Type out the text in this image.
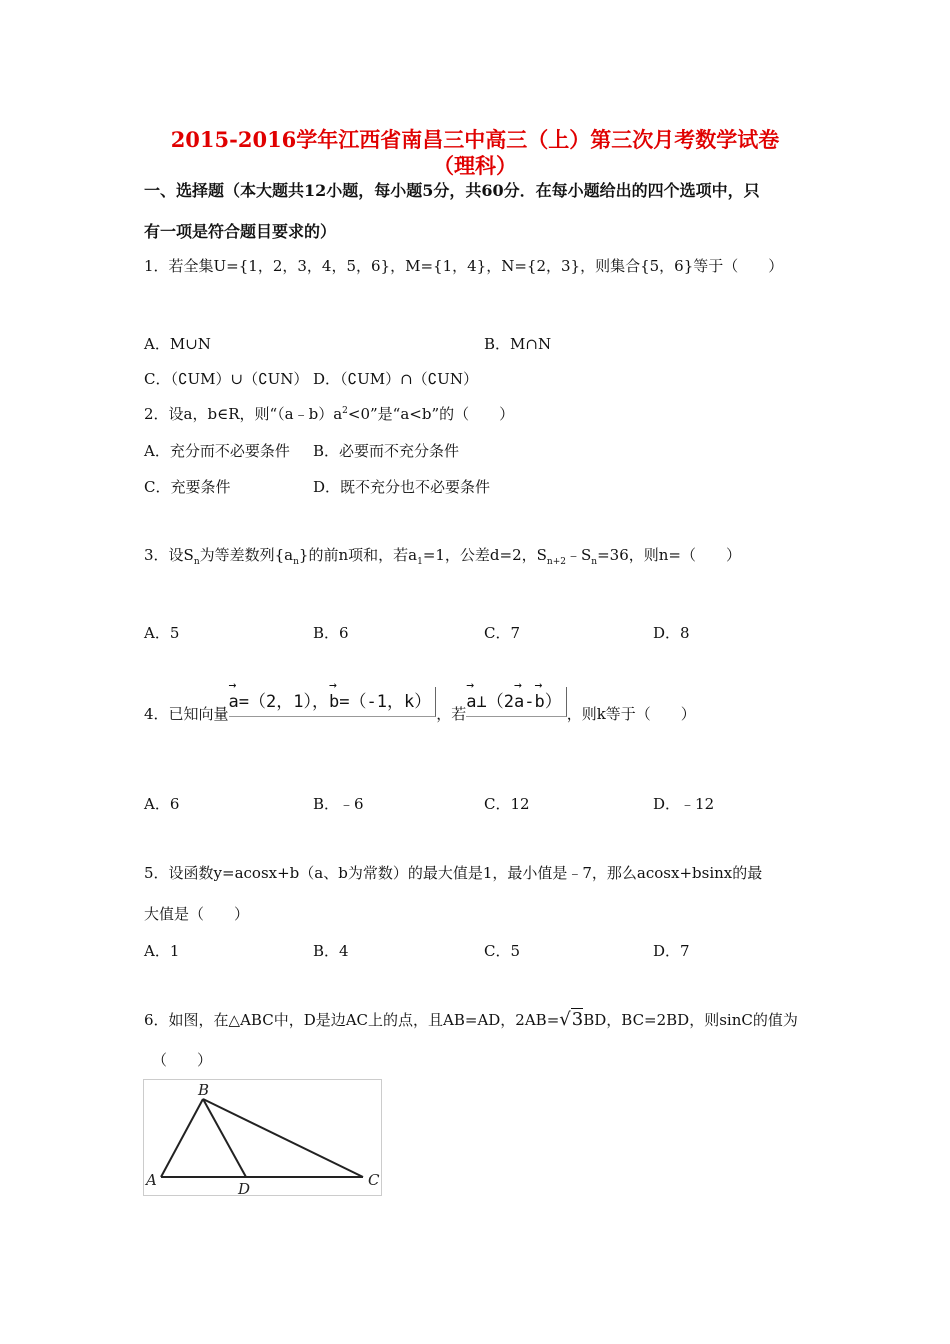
2015-2016学年江西省南昌三中高三（上）第三次月考数学试卷
（理科）
一、选择题（本大题共12小题，每小题5分，共60分．在每小题给出的四个选项中，只
有一项是符合题目要求的）
1．若全集U={1，2，3，4，5，6}，M={1，4}，N={2，3}，则集合{5，6}等于（　　）
A．M∪N	B．M∩N
C．（∁UM）∪（∁UN） D．（∁UM）∩（∁UN）
2．设a，b∈R，则“$(a﹣b)a^2<0$”是“a<b”的（　　）
A．充分而不必要条件 B．必要而不充分条件
C．充要条件	D．既不充分也不必要条件
3．设$S_n$为等差数列$\{a_n\}$的前n项和，若$a_1=1$，公差d=2，$S_{n+2}﹣S_n=36$，则n=（　　）
A．5	B．6	C．7	D．8
4．已知向量→ a=（2，1），→ b=（-1，k），若→ a⊥（2→ a-→ b），则k等于（　　）
A．6	B．﹣6	C．12	D．﹣12
5．设函数y=acosx+b（a、b为常数）的最大值是1，最小值是﹣7，那么acosx+bsinx的最
大值是（　　）
A．1	B．4	C．5	D．7
6．如图，在△ABC中，D是边AC上的点，且AB=AD，2AB=√3BD，BC=2BD，则sinC的值为
（　　）
A
B
C
D
